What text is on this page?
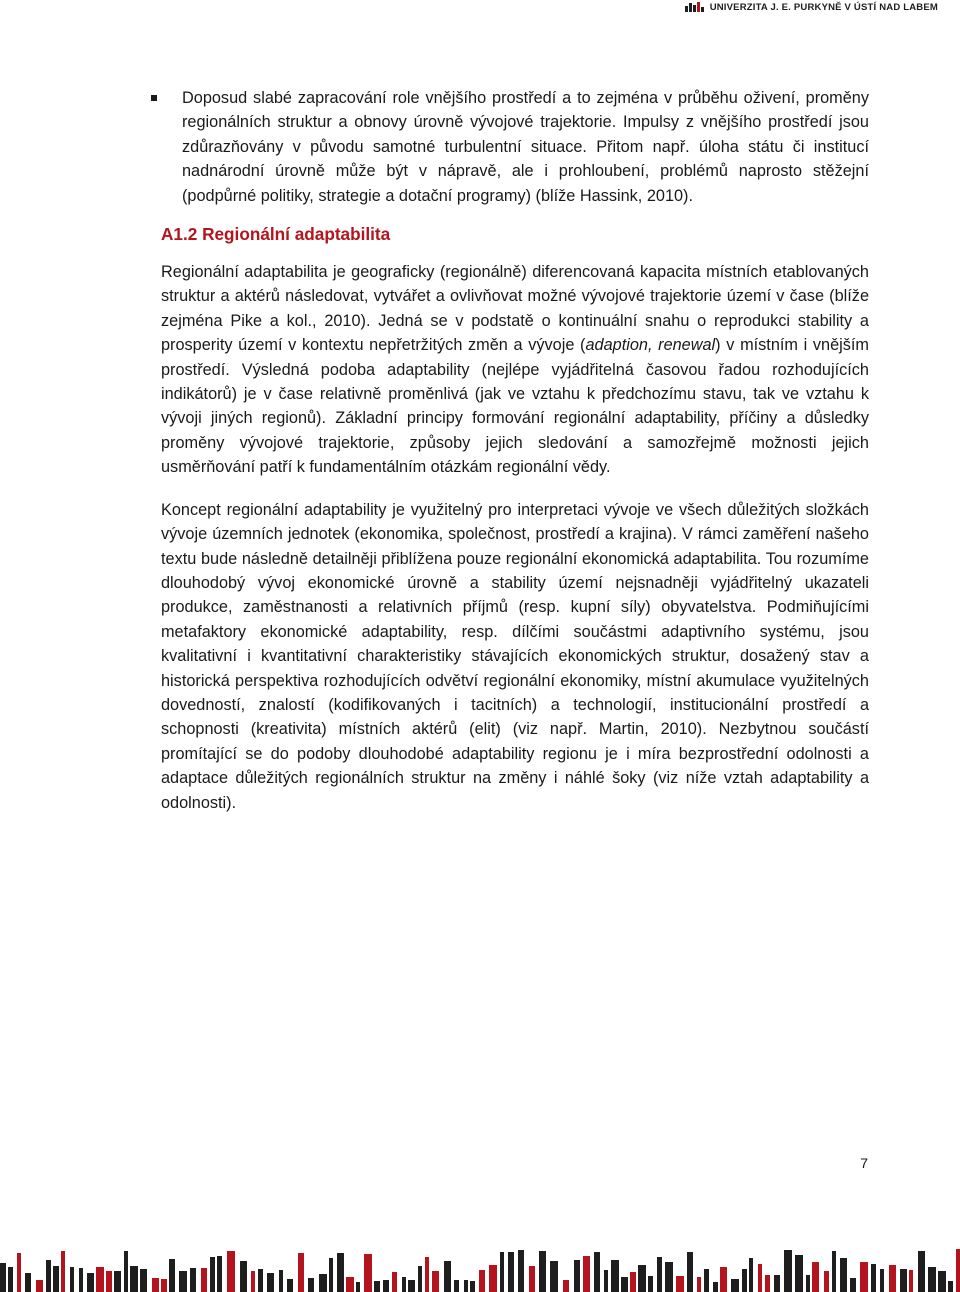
UNIVERZITA J. E. PURKYNĚ V ÚSTÍ NAD LABEM
Doposud slabé zapracování role vnějšího prostředí a to zejména v průběhu oživení, proměny regionálních struktur a obnovy úrovně vývojové trajektorie. Impulsy z vnějšího prostředí jsou zdůrazňovány v původu samotné turbulentní situace. Přitom např. úloha státu či institucí nadnárodní úrovně může být v nápravě, ale i prohloubení, problémů naprosto stěžejní (podpůrné politiky, strategie a dotační programy) (blíže Hassink, 2010).
A1.2 Regionální adaptabilita

Regionální adaptabilita je geograficky (regionálně) diferencovaná kapacita místních etablovaných struktur a aktérů následovat, vytvářet a ovlivňovat možné vývojové trajektorie území v čase (blíže zejména Pike a kol., 2010). Jedná se v podstatě o kontinuální snahu o reprodukci stability a prosperity území v kontextu nepřetržitých změn a vývoje (adaption, renewal) v místním i vnějším prostředí. Výsledná podoba adaptability (nejlépe vyjádřitelná časovou řadou rozhodujících indikátorů) je v čase relativně proměnlivá (jak ve vztahu k předchozímu stavu, tak ve vztahu k vývoji jiných regionů). Základní principy formování regionální adaptability, příčiny a důsledky proměny vývojové trajektorie, způsoby jejich sledování a samozřejmě možnosti jejich usměrňování patří k fundamentálním otázkám regionální vědy.

Koncept regionální adaptability je využitelný pro interpretaci vývoje ve všech důležitých složkách vývoje územních jednotek (ekonomika, společnost, prostředí a krajina). V rámci zaměření našeho textu bude následně detailněji přiblížena pouze regionální ekonomická adaptabilita. Tou rozumíme dlouhodobý vývoj ekonomické úrovně a stability území nejsnadněji vyjádřitelný ukazateli produkce, zaměstnanosti a relativních příjmů (resp. kupní síly) obyvatelstva. Podmiňujícími metafaktory ekonomické adaptability, resp. dílčími součástmi adaptivního systému, jsou kvalitativní i kvantitativní charakteristiky stávajících ekonomických struktur, dosažený stav a historická perspektiva rozhodujících odvětví regionální ekonomiky, místní akumulace využitelných dovedností, znalostí (kodifikovaných i tacitních) a technologií, institucionální prostředí a schopnosti (kreativita) místních aktérů (elit) (viz např. Martin, 2010). Nezbytnou součástí promítající se do podoby dlouhodobé adaptability regionu je i míra bezprostřední odolnosti a adaptace důležitých regionálních struktur na změny i náhlé šoky (viz níže vztah adaptability a odolnosti).

7
